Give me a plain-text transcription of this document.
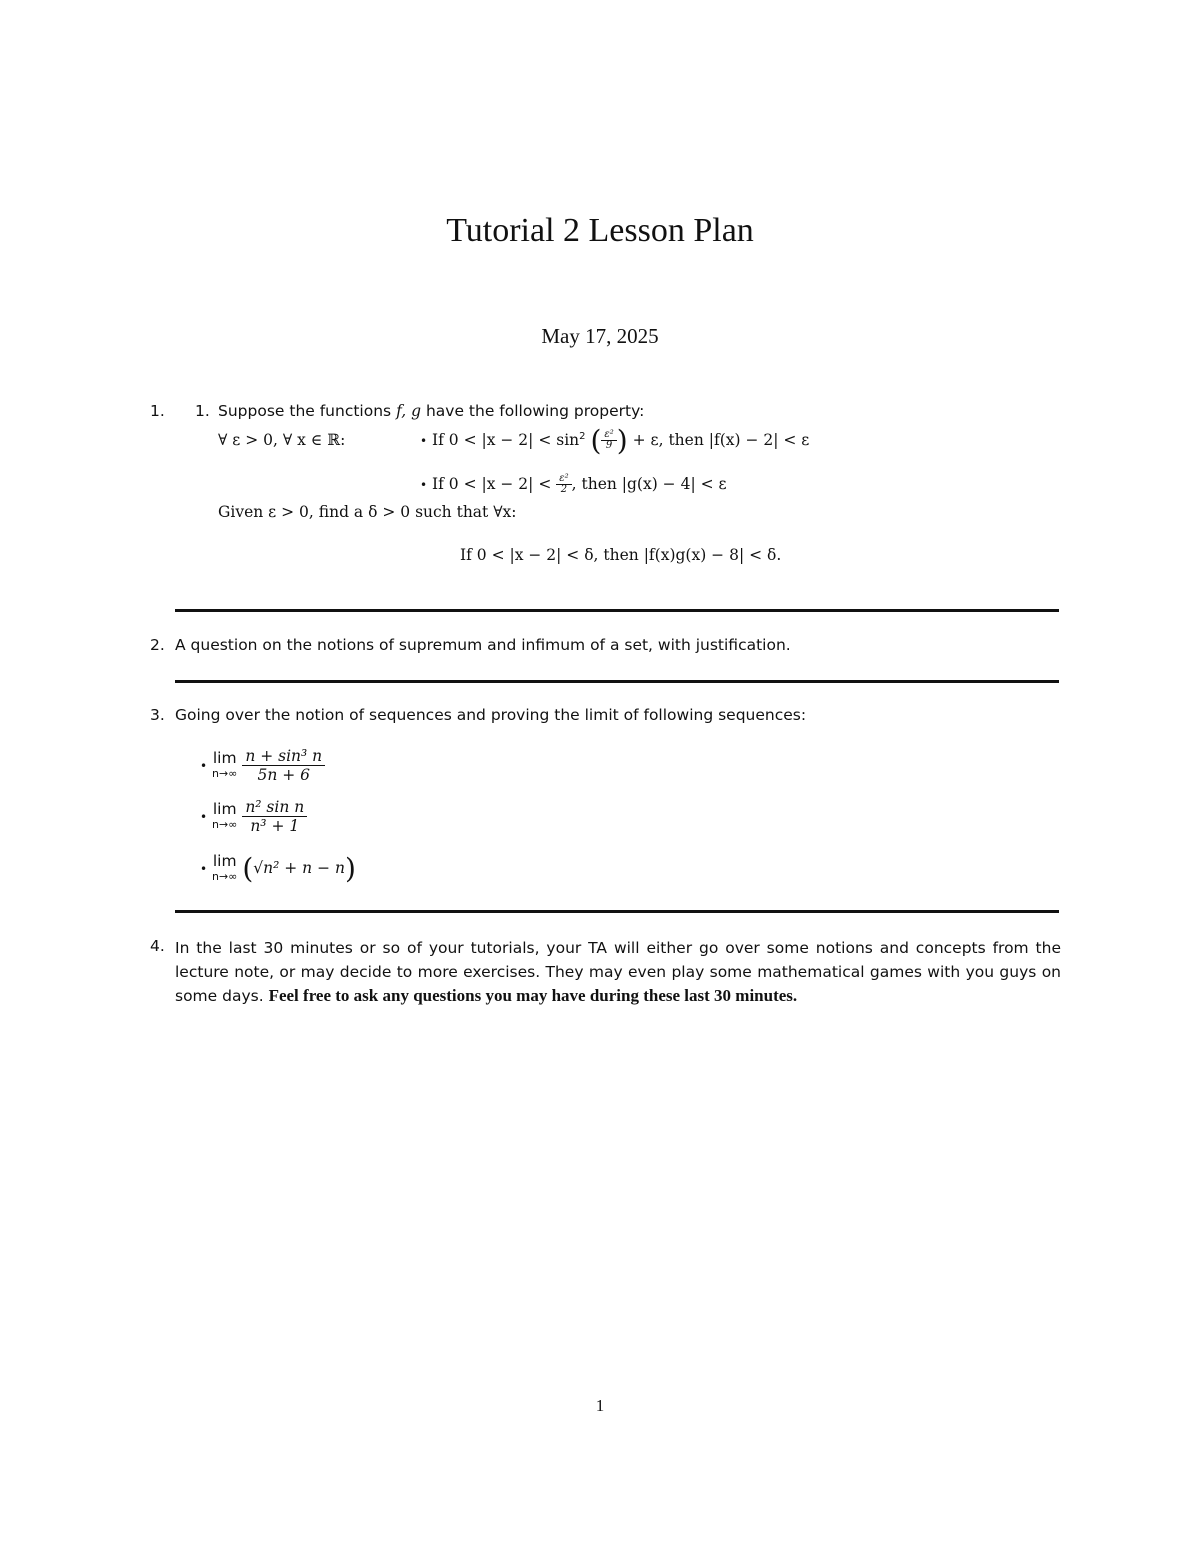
Tutorial 2 Lesson Plan
May 17, 2025
1. 1. Suppose the functions f, g have the following property:
∀ ε > 0, ∀ x ∈ ℝ:	• If $0 < |x - 2| < \sin^2$ ( $\frac{\text{ε²}}{9}$ ) + ε, then |f(x) − 2| < ε
• If $0 < |x - 2| < \frac{\text{ε²}}{2}$ , then |g(x) − 4| < ε
Given ε > 0, find a δ > 0 such that ∀x:
If 0 < |x − 2| < δ, then |f(x)g(x) − 8| < δ.
2. A question on the notions of supremum and infimum of a set, with justification.
3. Going over the notion of sequences and proving the limit of following sequences:
• lim
n→∞
$\frac{\text{n + sin³ n}}{5n + 6}$
• lim
n→∞
$\frac{\text{n² sin n}}{\text{n³ + 1}}$
• lim
n→∞ (√n² + n − n)
4. In the last 30 minutes or so of your tutorials, your TA will either go over some notions and concepts from the lecture note, or may decide to more exercises. They may even play some mathematical games with you guys on some days. Feel free to ask any questions you may have during these last 30 minutes.
1
